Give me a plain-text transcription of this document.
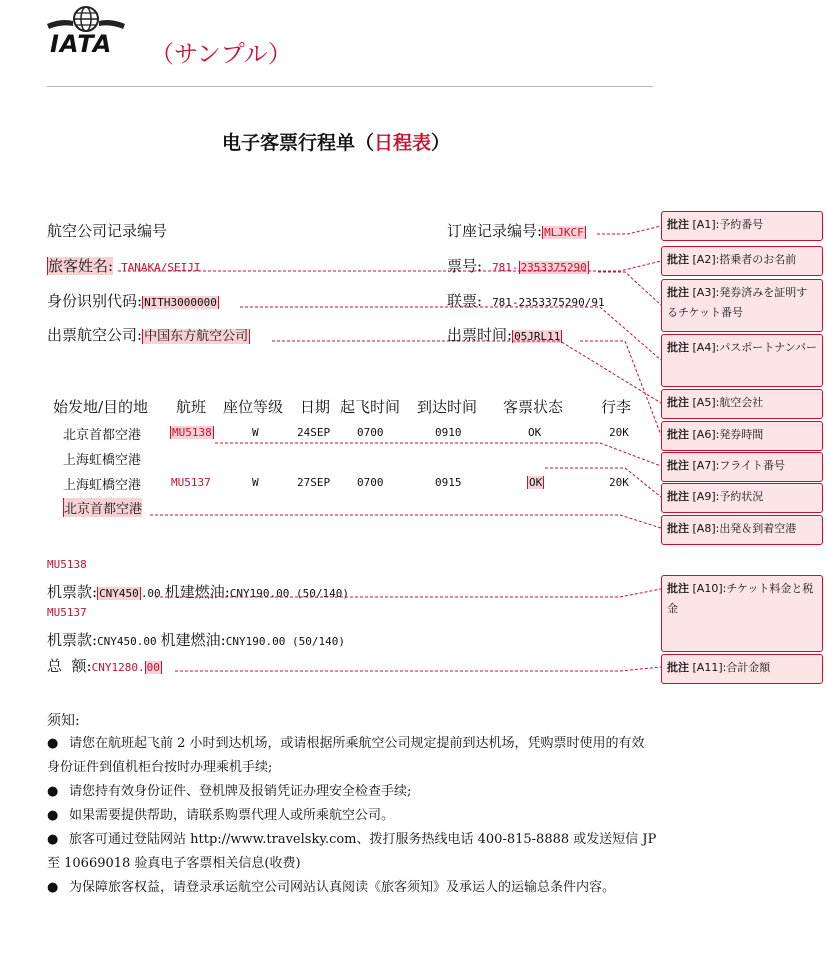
IATA （サンプル）
电子客票行程单（日程表）
航空公司记录编号	订座记录编号: MLJKCF
旅客姓名: TANAKA/SEIJI	票号: 781- 2353375290
身份识别代码: NITH3000000	联票: 781-2353375290/91
出票航空公司: 中国东方航空公司	出票时间: 05JRL11
始发地/目的地 航班 座位等级 日期 起飞时间 到达时间 客票状态	行李
北京首都空港	MU5138	W	24SEP 0700	0910	OK	20K
上海虹橋空港
上海虹橋空港	MU5137	W	27SEP 0700	0915	OK	20K
北京首都空港
MU5138
机票款: CNY450 .00 机建燃油:CNY190.00 (50/140)
MU5137
机票款:CNY450.00 机建燃油:CNY190.00 (50/140)
总  额:CNY1280. 00
须知:
● 请您在航班起飞前 2 小时到达机场，或请根据所乘航空公司规定提前到达机场，凭购票时使用的有效身份证件到值机柜台按时办理乘机手续;
● 请您持有效身份证件、登机牌及报销凭证办理安全检查手续;
● 如果需要提供帮助，请联系购票代理人或所乘航空公司。
● 旅客可通过登陆网站 http://www.travelsky.com、拨打服务热线电话 400-815-8888 或发送短信 JP 至 10669018 验真电子客票相关信息(收费)
● 为保障旅客权益，请登录承运航空公司网站认真阅读《旅客须知》及承运人的运输总条件内容。
批注 [A1]:予約番号
批注 [A2]:搭乗者のお名前
批注 [A3]:発券済みを証明するチケット番号
批注 [A4]:パスポートナンバー
批注 [A5]:航空会社
批注 [A6]:発券時間
批注 [A7]:フライト番号
批注 [A9]:予約状況
批注 [A8]:出発＆到着空港
批注 [A10]:チケット料金と税金
批注 [A11]:合計金額
